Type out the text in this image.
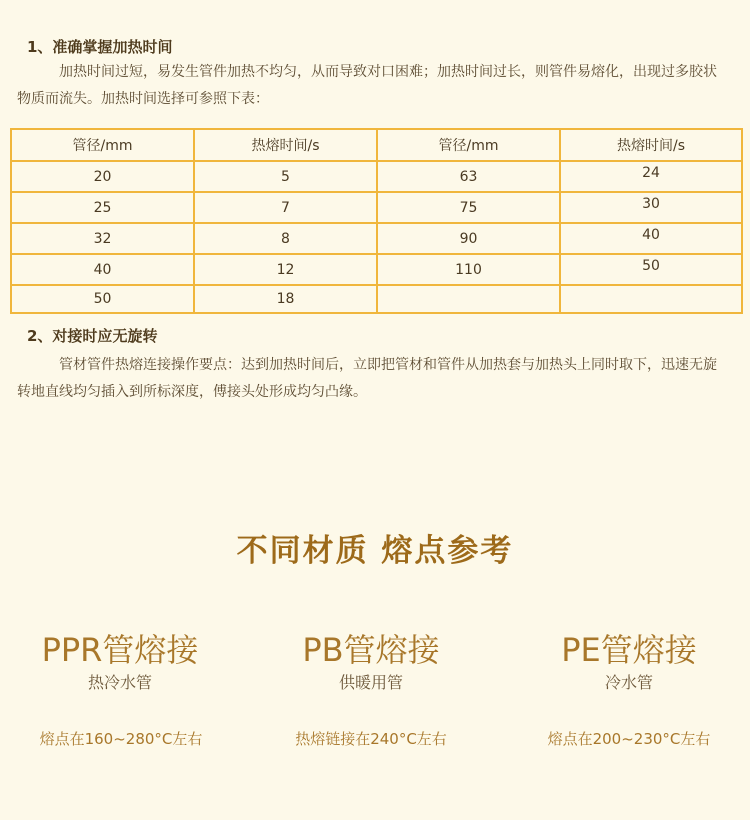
1、准确掌握加热时间
加热时间过短，易发生管件加热不均匀，从而导致对口困难；加热时间过长，则管件易熔化，出现过多胶状物质而流失。加热时间选择可参照下表：
管径/mm	热熔时间/s	管径/mm	热熔时间/s
20	5	63	24
25	7	75	30
32	8	90	40
40	12	110	50
50	18		
2、对接时应无旋转
管材管件热熔连接操作要点：达到加热时间后，立即把管材和管件从加热套与加热头上同时取下，迅速无旋转地直线均匀插入到所标深度，傅接头处形成均匀凸缘。
不同材质 熔点参考
PPR管熔接
热冷水管
PB管熔接
供暖用管
PE管熔接
冷水管
熔点在160~280°C左右	热熔链接在240°C左右	熔点在200~230°C左右
